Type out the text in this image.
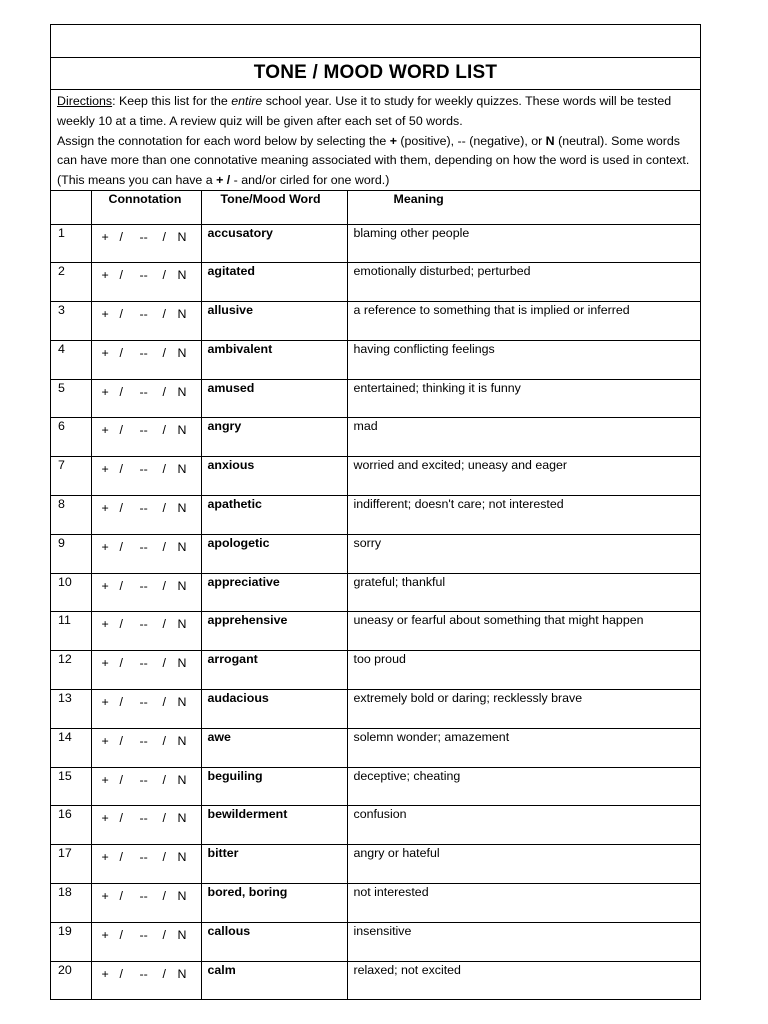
TONE / MOOD WORD LIST
Directions: Keep this list for the entire school year. Use it to study for weekly quizzes. These words will be tested weekly 10 at a time. A review quiz will be given after each set of 50 words.
Assign the connotation for each word below by selecting the + (positive), -- (negative), or N (neutral). Some words can have more than one connotative meaning associated with them, depending on how the word is used in context. (This means you can have a + / - and/or cirled for one word.)
	Connotation	Tone/Mood Word	Meaning
1	+ / -- / N	accusatory	blaming other people
2	+ / -- / N	agitated	emotionally disturbed; perturbed
3	+ / -- / N	allusive	a reference to something that is implied or inferred
4	+ / -- / N	ambivalent	having conflicting feelings
5	+ / -- / N	amused	entertained; thinking it is funny
6	+ / -- / N	angry	mad
7	+ / -- / N	anxious	worried and excited; uneasy and eager
8	+ / -- / N	apathetic	indifferent; doesn't care; not interested
9	+ / -- / N	apologetic	sorry
10	+ / -- / N	appreciative	grateful; thankful
11	+ / -- / N	apprehensive	uneasy or fearful about something that might happen
12	+ / -- / N	arrogant	too proud
13	+ / -- / N	audacious	extremely bold or daring; recklessly brave
14	+ / -- / N	awe	solemn wonder; amazement
15	+ / -- / N	beguiling	deceptive; cheating
16	+ / -- / N	bewilderment	confusion
17	+ / -- / N	bitter	angry or hateful
18	+ / -- / N	bored, boring	not interested
19	+ / -- / N	callous	insensitive
20	+ / -- / N	calm	relaxed; not excited
